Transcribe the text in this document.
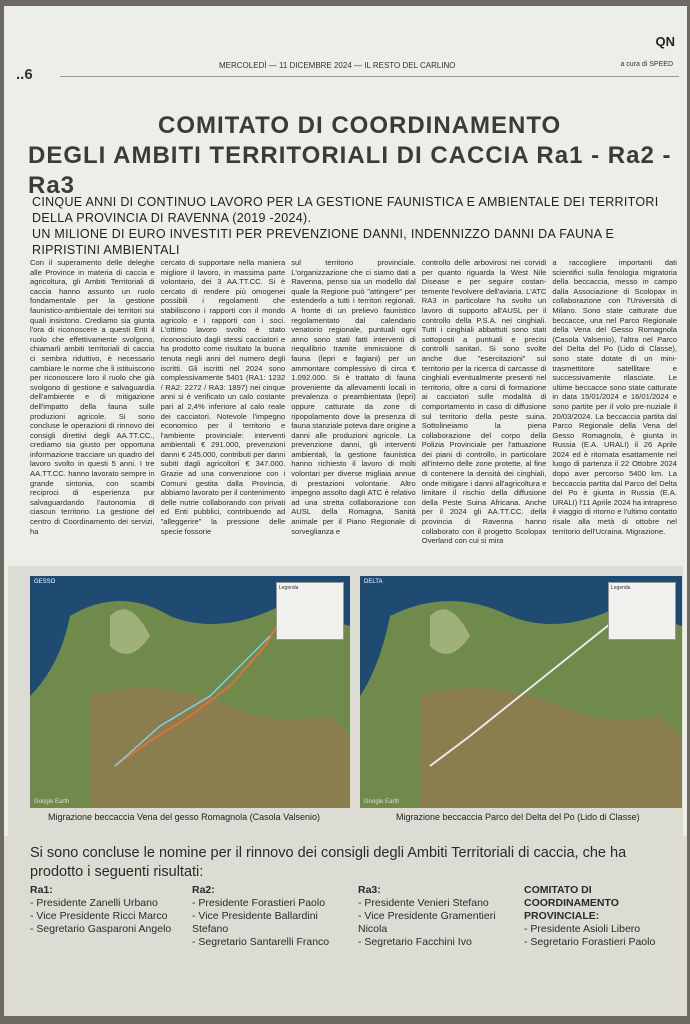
..6
MERCOLEDÌ — 11 DICEMBRE 2024 — IL RESTO DEL CARLINO
QN
a cura di SPEED
COMITATO DI COORDINAMENTO
DEGLI AMBITI TERRITORIALI DI CACCIA Ra1 - Ra2 - Ra3
CINQUE ANNI DI CONTINUO LAVORO PER LA GESTIONE FAUNISTICA E AMBIENTALE DEI TERRITORI DELLA PROVINCIA DI RAVENNA (2019 -2024).
UN MILIONE DI EURO INVESTITI PER PREVENZIONE DANNI, INDENNIZZO DANNI DA FAUNA E RIPRISTINI AMBIENTALI
Con il superamento delle deleghe alle Province in materia di caccia e agricoltura, gli Ambiti Territoriali di caccia hanno assunto un ruolo fondamentale per la gestione faunistico-ambientale dei territori sui quali insistono. Crediamo sia giunta l'ora di riconoscere a questi Enti il ruolo che effettivamente svolgono, chiamarli ambiti territoriali di caccia ci sembra riduttivo, è necessario cambiare le norme che li istituiscono per riconoscere loro il ruolo che già svolgono di gestione e salvaguardia dell'ambiente e di mitigazione dell'impatto della fauna sulle produzioni agricole. Si sono concluse le operazioni di rinnovo dei consigli direttivi degli AA.TT.CC., crediamo sia giusto per opportuna informazione tracciare un quadro del lavoro svolto in questi 5 anni. I tre AA.TT.CC. hanno lavorato sempre in grande sintonia, con scambi reciproci di esperienza pur salvaguardando l'autonomia di ciascun territorio. La gestione del centro di Coordinamento dei servizi, ha
cercato di supportare nella maniera migliore il lavoro, in massima parte volontario, dei 3 AA.TT.CC. Si è cercato di rendere più omogenei possibili i regolamenti che stabiliscono i rapporti con il mondo agricolo e i rapporti con i soci. L'ottimo lavoro svolto è stato riconosciuto dagli stessi cacciatori e ha prodotto come risultato la buona tenuta negli anni del numero degli iscritti. Gli iscritti nel 2024 sono complessivamente 5401 (RA1: 1232 / RA2: 2272 / RA3: 1897) nei cinque anni si è verificato un calo costante pari al 2,4% inferiore al calo reale dei cacciatori. Notevole l'impegno economico per il territorio e l'ambiente provinciale: interventi ambientali € 291.000, prevenzioni danni € 245.000, contributi per danni subiti dagli agricoltori € 347.000. Grazie ad una convenzione con i Comuni gestita dalla Provincia, abbiamo lavorato per il contenimento delle nutrie collaborando con privati ed Enti pubblici, contribuendo ad "alleggerire" la pressione delle specie fossorie
sul territorio provinciale. L'organizzazione che ci siamo dati a Ravenna, penso sia un modello dal quale la Regione può "attingere" per estenderlo a tutti i territori regionali. A fronte di un prelievo faunistico regolamentato dal calendario venatorio regionale, puntuali ogni anno sono stati fatti interventi di riequilibrio tramite immissione di fauna (lepri e fagiani) per un ammontare complessivo di circa € 1.092.000. Si è trattato di fauna proveniente da allevamenti locali in prevalenza o preambientata (lepri) oppure catturate da zone di ripopolamento dove la presenza di fauna stanziale poteva dare origine a danni alle produzioni agricole. La prevenzione danni, gli interventi ambientali, la gestione faunistica hanno richiesto il lavoro di molti volontari per diverse migliaia annue di prestazioni volontarie. Altro impegno assolto dagli ATC è relativo ad una stretta collaborazione con AUSL della Romagna, Sanità animale per il Piano Regionale di sorveglianza e
controllo delle arbovirosi nei corvidi per quanto riguarda la West Nile Disease e per seguire costan-temente l'evolvere dell'aviaria. L'ATC RA3 in particolare ha svolto un lavoro di supporto all'AUSL per il controllo della P.S.A. nei cinghiali. Tutti i cinghiali abbattuti sono stati sottoposti a puntuali e precisi controlli sanitari. Si sono svolte anche due "esercitazioni" sul territorio per la ricerca di carcasse di cinghiali eventualmente presenti nel territorio, oltre a corsi di formazione ai cacciatori sulle modalità di comportamento in caso di diffusione sul territorio della peste suina. Sottolineiamo la piena collaborazione del corpo della Polizia Provinciale per l'attuazione dei piani di controllo, in particolare all'interno delle zone protette, al fine di contenere la densità dei cinghiali, onde mitigare i danni all'agricoltura e limitare il rischio della diffusione della Peste Suina Africana. Anche per il 2024 gli AA.TT.CC. della provincia di Ravenna hanno collaborato con il progetto Scolopax Overland con cui si mira
a raccogliere importanti dati scientifici sulla fenologia migratoria della beccaccia, messo in campo dalla Associazione di Scolopax in collaborazione con l'Università di Milano. Sono state catturate due beccacce, una nel Parco Regionale della Vena del Gesso Romagnola (Casola Valsenio), l'altra nel Parco del Delta del Po (Lido di Classe), sono state dotate di un mini-trasmettitore satellitare e successivamente rilasciate. Le ultime beccacce sono state catturate in data 15/01/2024 e 16/01/2024 e sono partite per il volo pre-nuziale il 20/03/2024. La beccaccia partita dal Parco Regionale della Vena del Gesso Romagnola, è giunta in Russia (E.A. URALI) il 26 Aprile 2024 ed è ritornata esattamente nel luogo di partenza il 22 Ottobre 2024 dopo aver percorso 5400 km. La beccaccia partita dal Parco del Delta del Po è giunta in Russia (E.A. URALI) l'11 Aprile 2024 ha intrapreso il viaggio di ritorno e l'ultimo contatto risale alla metà di ottobre nel territorio dell'Ucraina. Migrazione.
GESSO
Legenda
Google Earth
Migrazione beccaccia Vena del gesso Romagnola (Casola Valsenio)
DELTA
Legenda
Google Earth
Migrazione beccaccia Parco del Delta del Po (Lido di Classe)
Si sono concluse le nomine per il rinnovo dei consigli degli Ambiti Territoriali di caccia, che ha prodotto i seguenti risultati:
Ra1:
- Presidente Zanelli Urbano
- Vice Presidente Ricci Marco
- Segretario Gasparoni Angelo
Ra2:
- Presidente Forastieri Paolo
- Vice Presidente Ballardini Stefano
- Segretario Santarelli Franco
Ra3:
- Presidente Venieri Stefano
- Vice Presidente Gramentieri Nicola
- Segretario Facchini Ivo
COMITATO DI COORDINAMENTO PROVINCIALE:
- Presidente Asioli Libero
- Segretario Forastieri Paolo
